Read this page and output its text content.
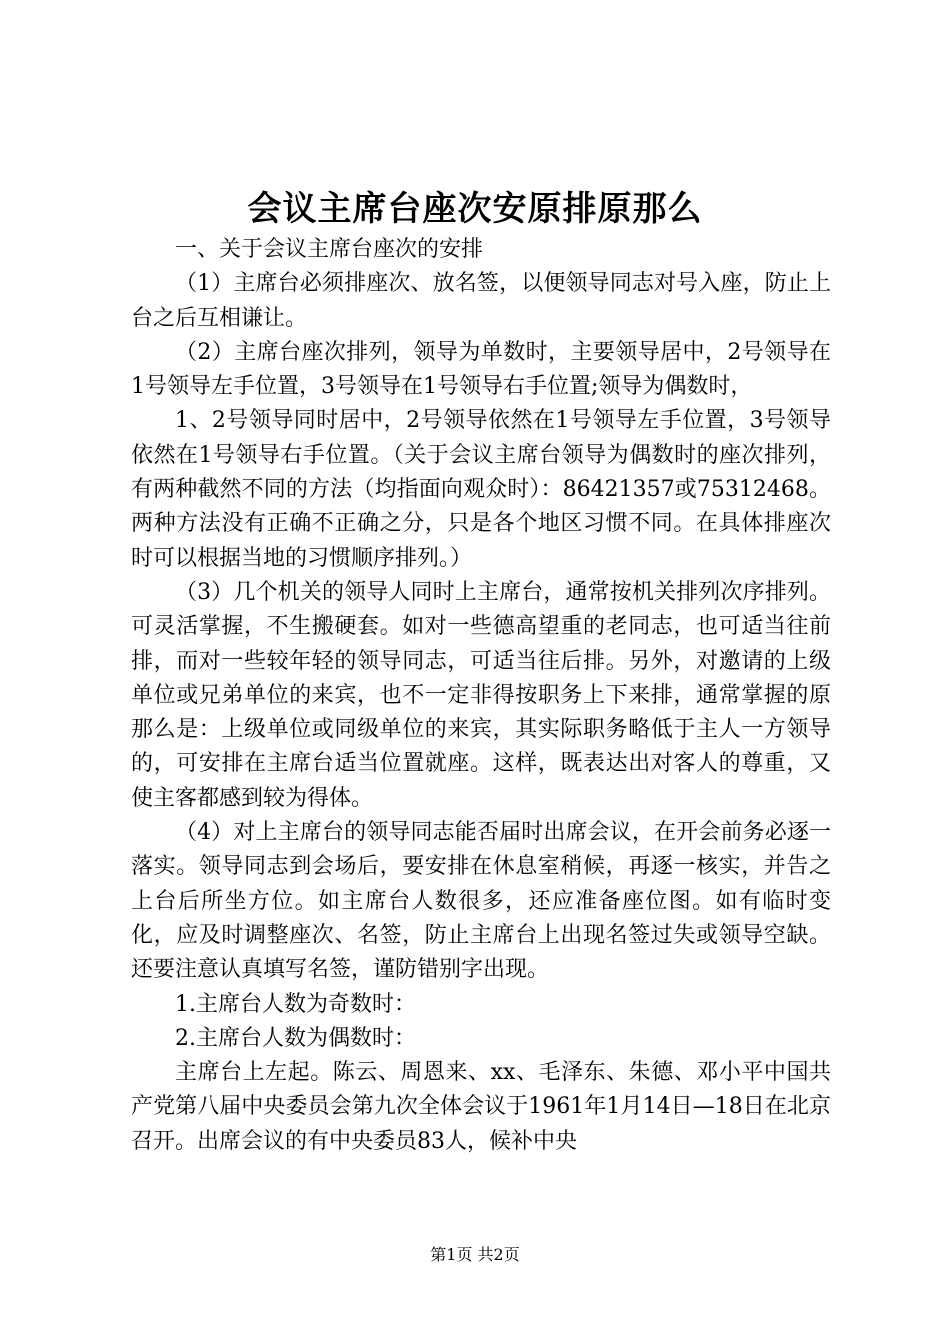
会议主席台座次安原排原那么

一、关于会议主席台座次的安排

（1）主席台必须排座次、放名签，以便领导同志对号入座，防止上台之后互相谦让。

（2）主席台座次排列，领导为单数时，主要领导居中，2号领导在1号领导左手位置，3号领导在1号领导右手位置;领导为偶数时，

1、2号领导同时居中，2号领导依然在1号领导左手位置，3号领导依然在1号领导右手位置。（关于会议主席台领导为偶数时的座次排列，有两种截然不同的方法（均指面向观众时）：86421357或75312468。两种方法没有正确不正确之分，只是各个地区习惯不同。在具体排座次时可以根据当地的习惯顺序排列。）

（3）几个机关的领导人同时上主席台，通常按机关排列次序排列。可灵活掌握，不生搬硬套。如对一些德高望重的老同志，也可适当往前排，而对一些较年轻的领导同志，可适当往后排。另外，对邀请的上级单位或兄弟单位的来宾，也不一定非得按职务上下来排，通常掌握的原那么是：上级单位或同级单位的来宾，其实际职务略低于主人一方领导的，可安排在主席台适当位置就座。这样，既表达出对客人的尊重，又使主客都感到较为得体。

（4）对上主席台的领导同志能否届时出席会议，在开会前务必逐一落实。领导同志到会场后，要安排在休息室稍候，再逐一核实，并告之上台后所坐方位。如主席台人数很多，还应准备座位图。如有临时变化，应及时调整座次、名签，防止主席台上出现名签过失或领导空缺。还要注意认真填写名签，谨防错别字出现。

1.主席台人数为奇数时：

2.主席台人数为偶数时：

主席台上左起。陈云、周恩来、xx、毛泽东、朱德、邓小平中国共产党第八届中央委员会第九次全体会议于1961年1月14日—18日在北京召开。出席会议的有中央委员83人，候补中央

第1页 共2页
